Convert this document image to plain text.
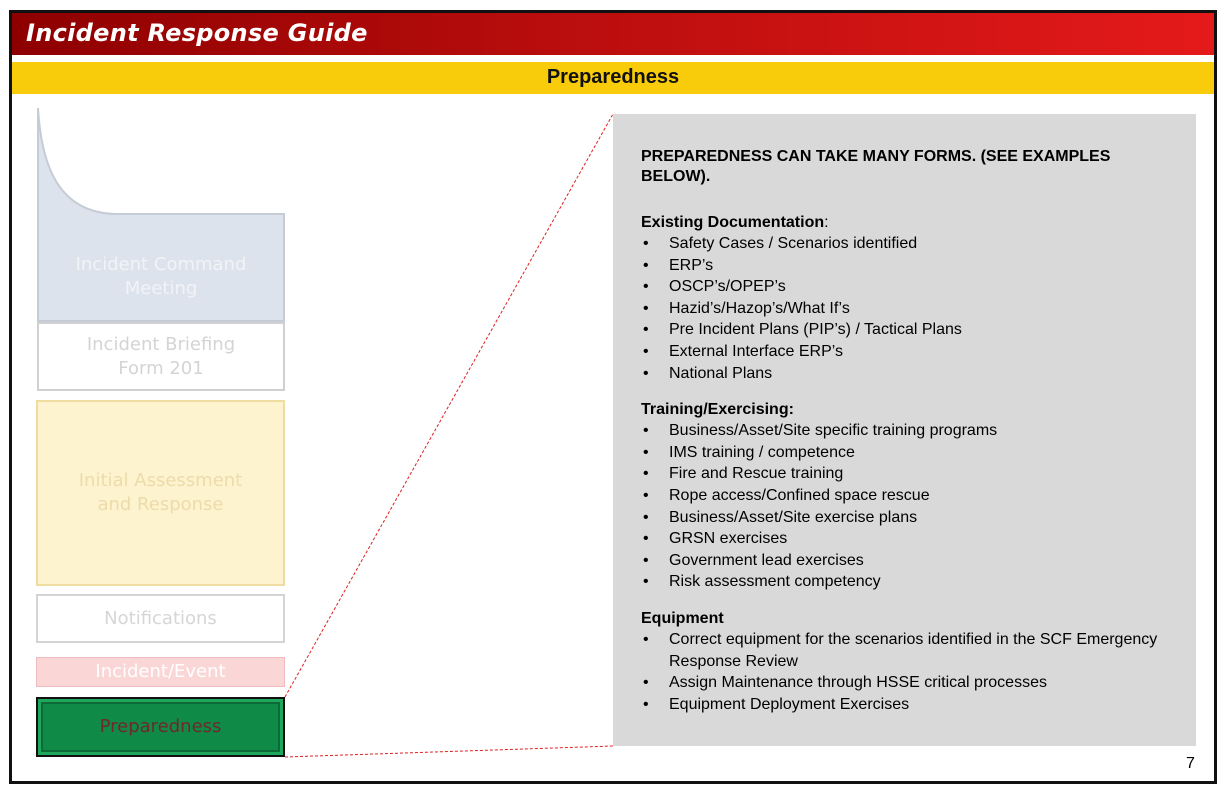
Incident Response Guide
Preparedness
Incident Command
Meeting
Incident Briefing Form 201
Initial Assessment and Response
Notifications
Incident/Event
Preparedness
PREPAREDNESS CAN TAKE MANY FORMS. (SEE EXAMPLES BELOW).
Existing Documentation:
• Safety Cases / Scenarios identified
• ERP’s
• OSCP’s/OPEP’s
• Hazid’s/Hazop’s/What If’s
• Pre Incident Plans (PIP’s) / Tactical Plans
• External Interface ERP’s
• National Plans
Training/Exercising:
• Business/Asset/Site specific training programs
• IMS training / competence
• Fire and Rescue training
• Rope access/Confined space rescue
• Business/Asset/Site exercise plans
• GRSN exercises
• Government lead exercises
• Risk assessment competency
Equipment
• Correct equipment for the scenarios identified in the SCF Emergency Response Review
• Assign Maintenance through HSSE critical processes
• Equipment Deployment Exercises
7
